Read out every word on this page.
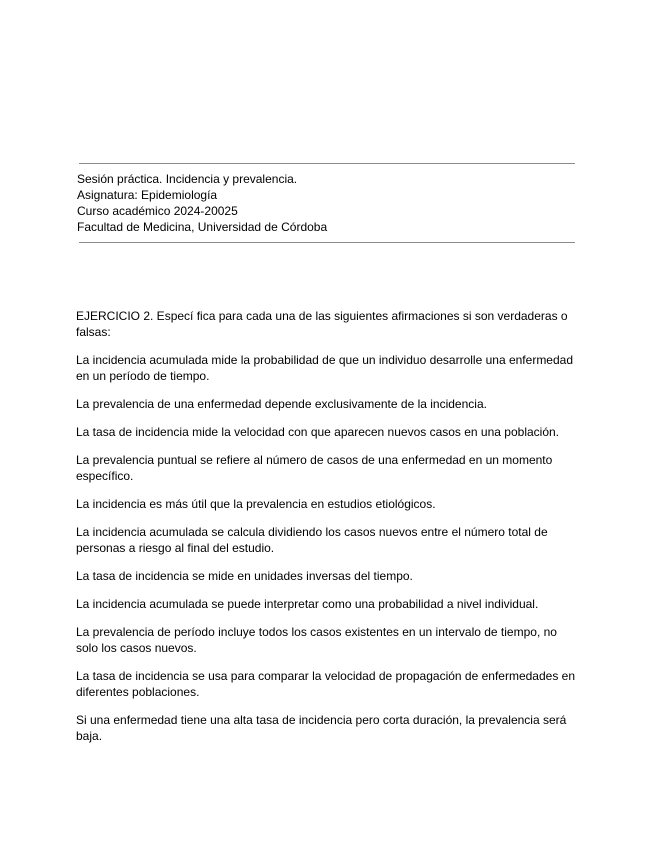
Sesión práctica. Incidencia y prevalencia.
Asignatura: Epidemiología
Curso académico 2024-20025
Facultad de Medicina, Universidad de Córdoba

EJERCICIO 2. Especí fica para cada una de las siguientes afirmaciones si son verdaderas o falsas:

La incidencia acumulada mide la probabilidad de que un individuo desarrolle una enfermedad en un período de tiempo.

La prevalencia de una enfermedad depende exclusivamente de la incidencia.

La tasa de incidencia mide la velocidad con que aparecen nuevos casos en una población.

La prevalencia puntual se refiere al número de casos de una enfermedad en un momento específico.

La incidencia es más útil que la prevalencia en estudios etiológicos.

La incidencia acumulada se calcula dividiendo los casos nuevos entre el número total de personas a riesgo al final del estudio.

La tasa de incidencia se mide en unidades inversas del tiempo.

La incidencia acumulada se puede interpretar como una probabilidad a nivel individual.

La prevalencia de período incluye todos los casos existentes en un intervalo de tiempo, no solo los casos nuevos.

La tasa de incidencia se usa para comparar la velocidad de propagación de enfermedades en diferentes poblaciones.

Si una enfermedad tiene una alta tasa de incidencia pero corta duración, la prevalencia será baja.
